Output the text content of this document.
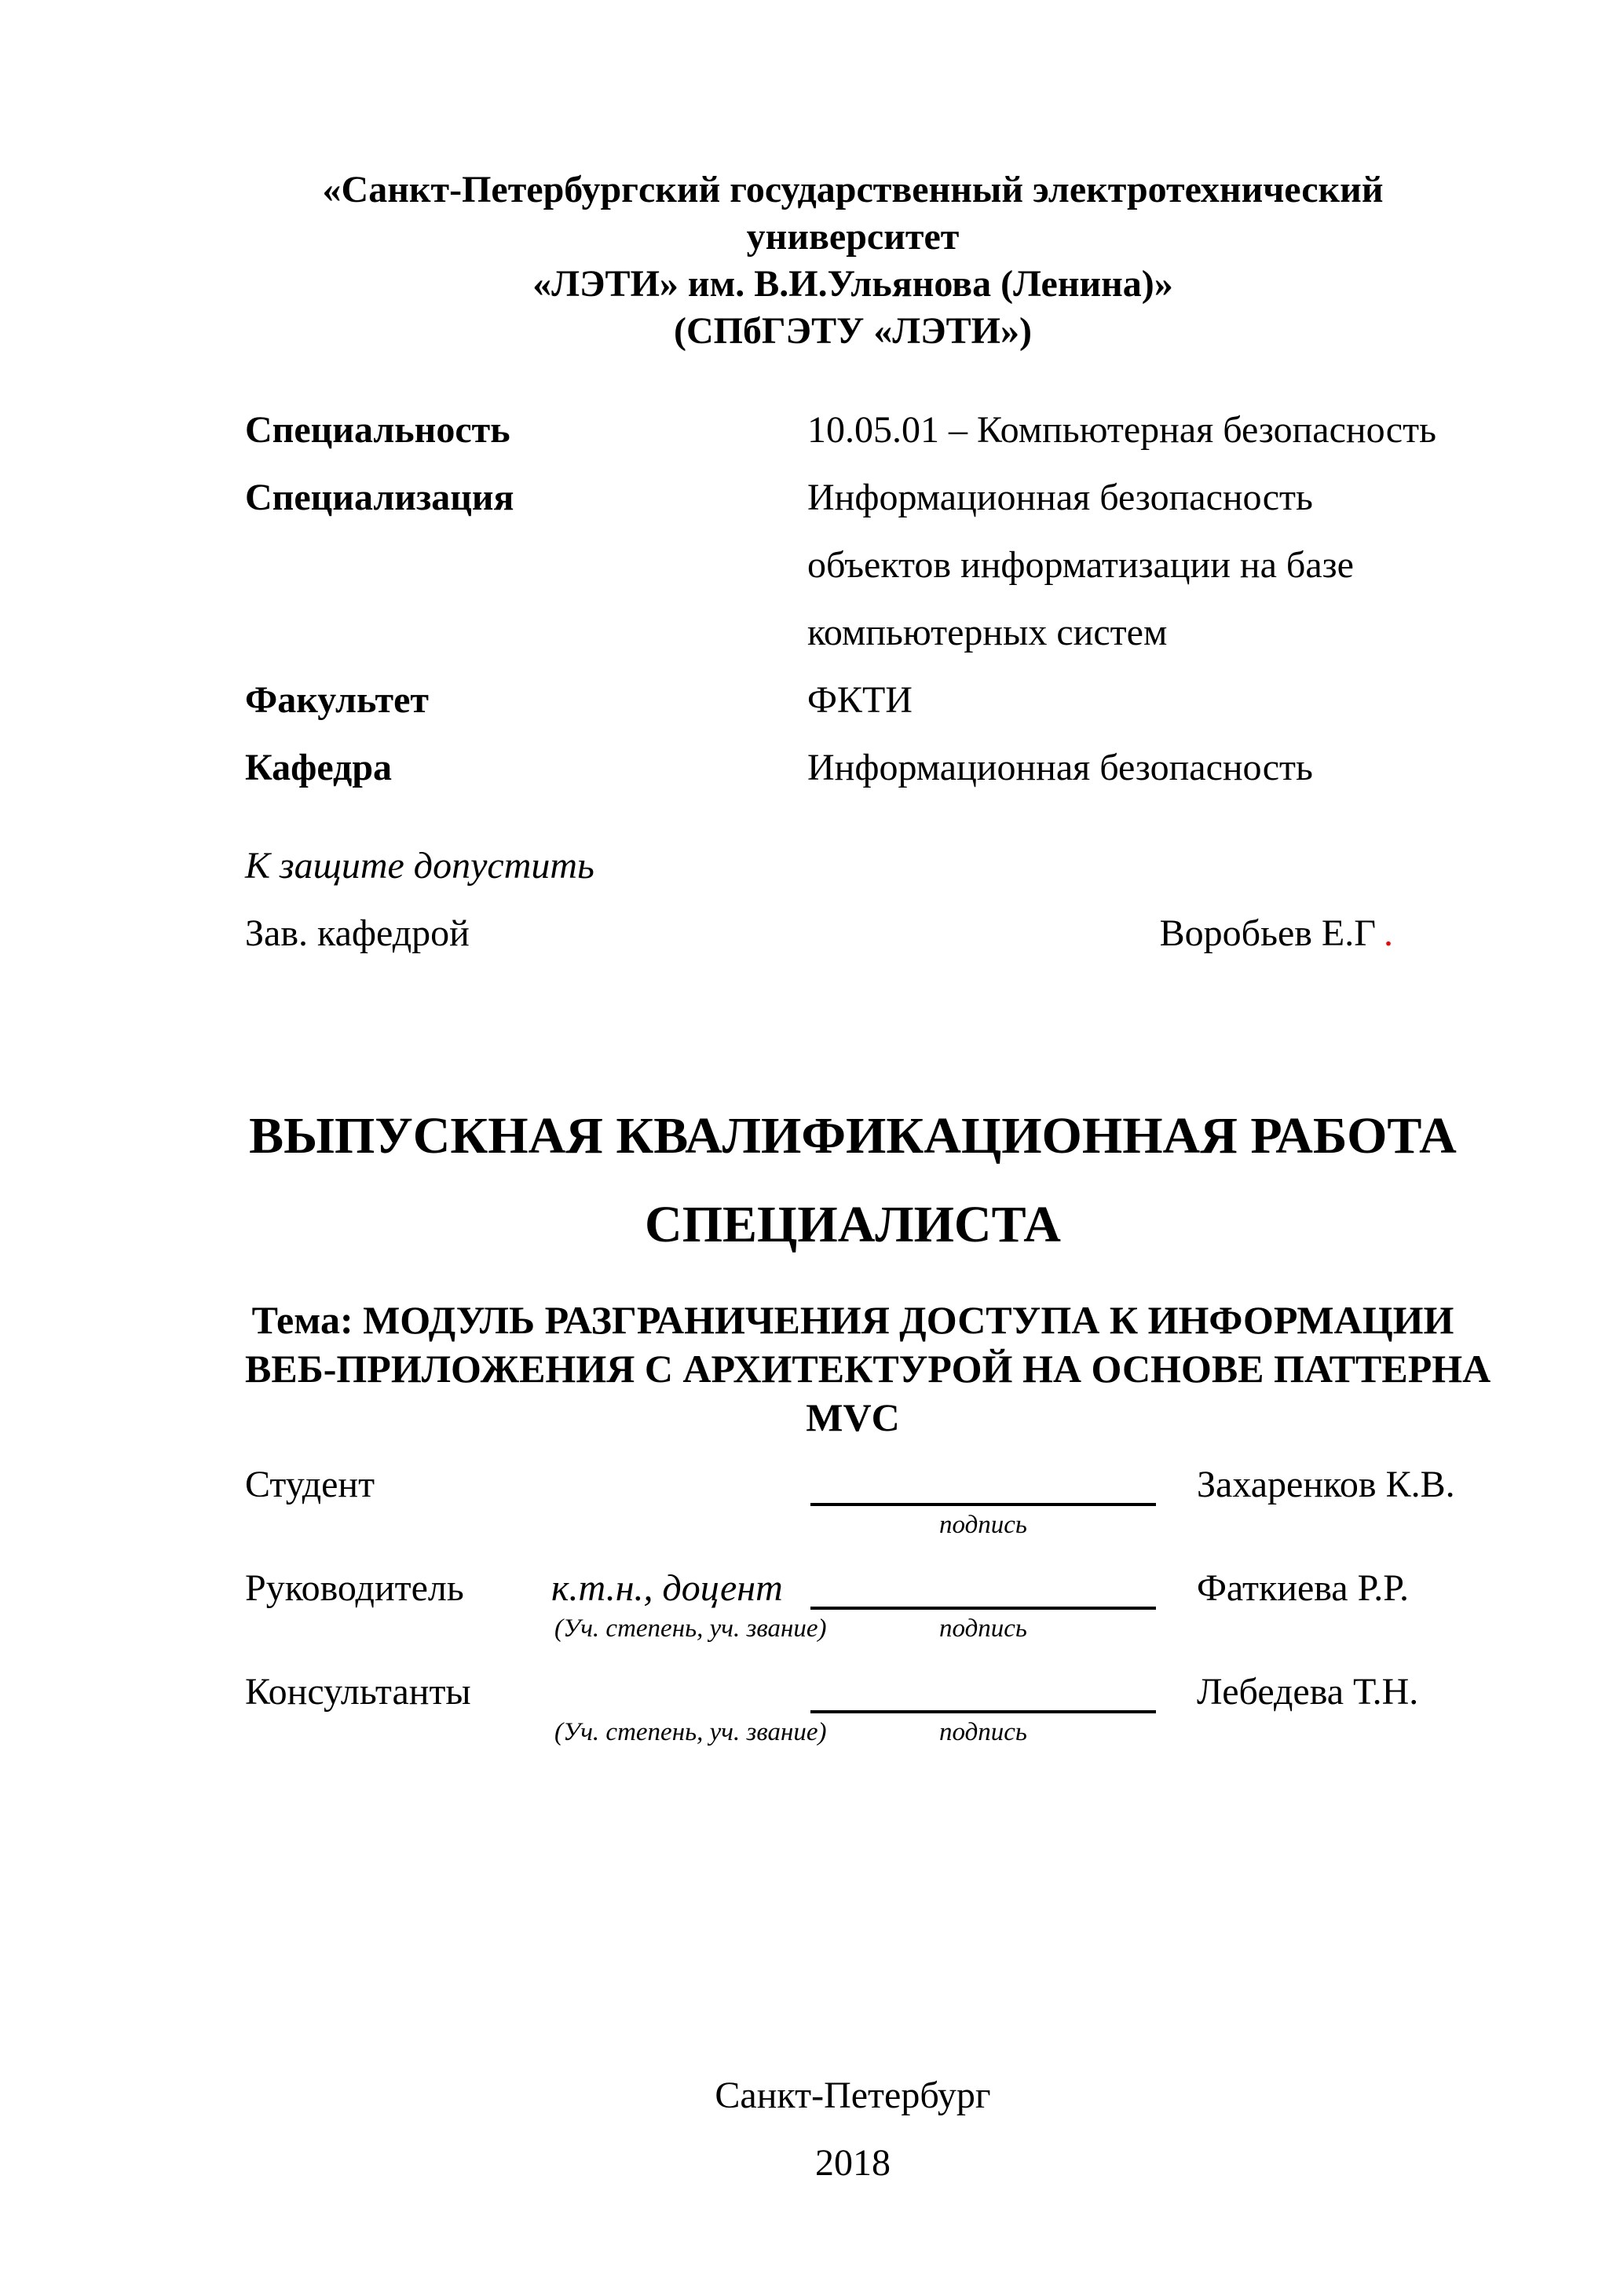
«Санкт-Петербургский государственный электротехнический университет
«ЛЭТИ» им. В.И.Ульянова (Ленина)»
(СПбГЭТУ «ЛЭТИ»)
Специальность	10.05.01 – Компьютерная безопасность
Специализация	Информационная безопасность объектов информатизации на базе компьютерных систем
Факультет	ФКТИ
Кафедра	Информационная безопасность
К защите допустить
Зав. кафедрой	Воробьев Е.Г .
ВЫПУСКНАЯ КВАЛИФИКАЦИОННАЯ РАБОТА
СПЕЦИАЛИСТА
Тема: МОДУЛЬ РАЗГРАНИЧЕНИЯ ДОСТУПА К ИНФОРМАЦИИ
ВЕБ-ПРИЛОЖЕНИЯ С АРХИТЕКТУРОЙ НА ОСНОВЕ ПАТТЕРНА
MVC
Студент	Захаренков К.В.
подпись
Руководитель	к.т.н., доцент	Фаткиева Р.Р.
(Уч. степень, уч. звание)	подпись
Консультанты	Лебедева Т.Н.
(Уч. степень, уч. звание)	подпись
Санкт-Петербург
2018
